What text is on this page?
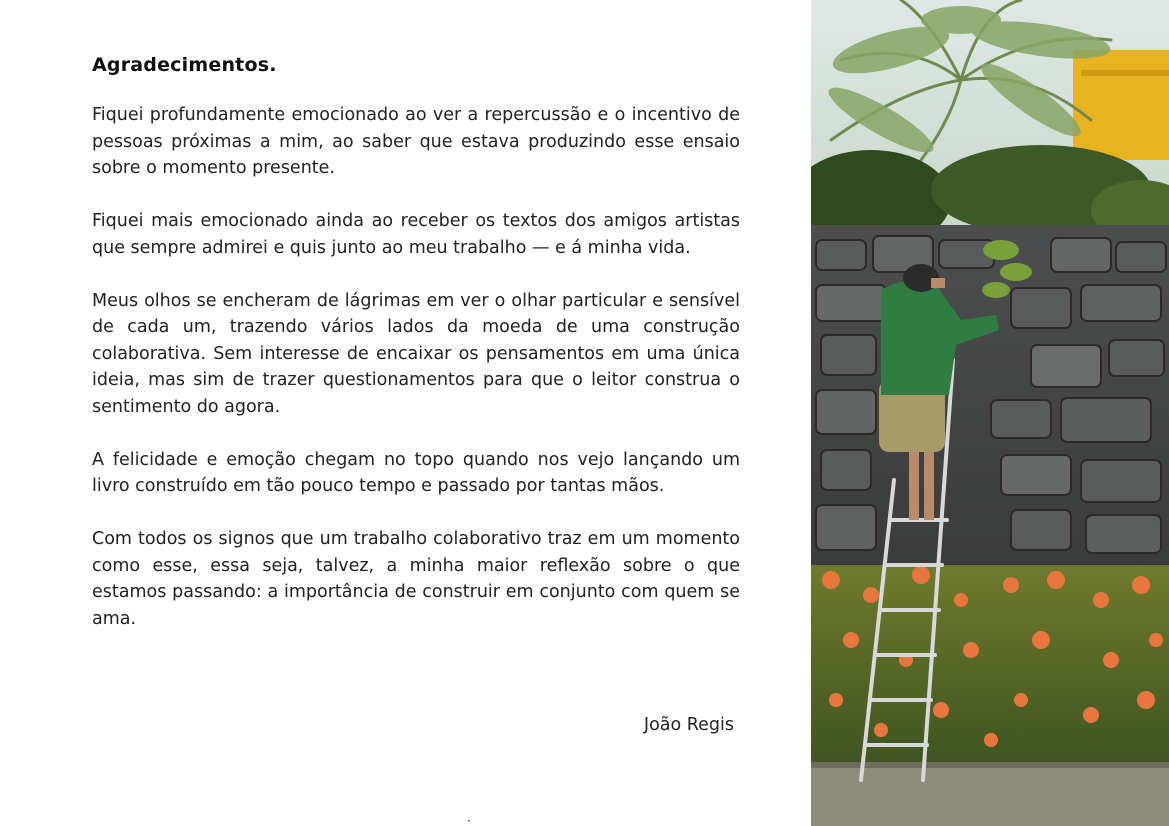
Agradecimentos.

Fiquei profundamente emocionado ao ver a repercussão e o incentivo de pessoas próximas a mim, ao saber que estava produzindo esse ensaio sobre o momento presente.

Fiquei mais emocionado ainda ao receber os textos dos amigos artistas que sempre admirei e quis junto ao meu trabalho — e á minha vida.

Meus olhos se encheram de lágrimas em ver o olhar particular e sensível de cada um, trazendo vários lados da moeda de uma construção colaborativa. Sem interesse de encaixar os pensamentos em uma única ideia, mas sim de trazer questionamentos para que o leitor construa o sentimento do agora.

A felicidade e emoção chegam no topo quando nos vejo lançando um livro construído em tão pouco tempo e passado por tantas mãos.

Com todos os signos que um trabalho colaborativo traz em um momento como esse, essa seja, talvez, a minha maior reflexão sobre o que estamos passando: a importância de construir em conjunto com quem se ama.

João Regis
